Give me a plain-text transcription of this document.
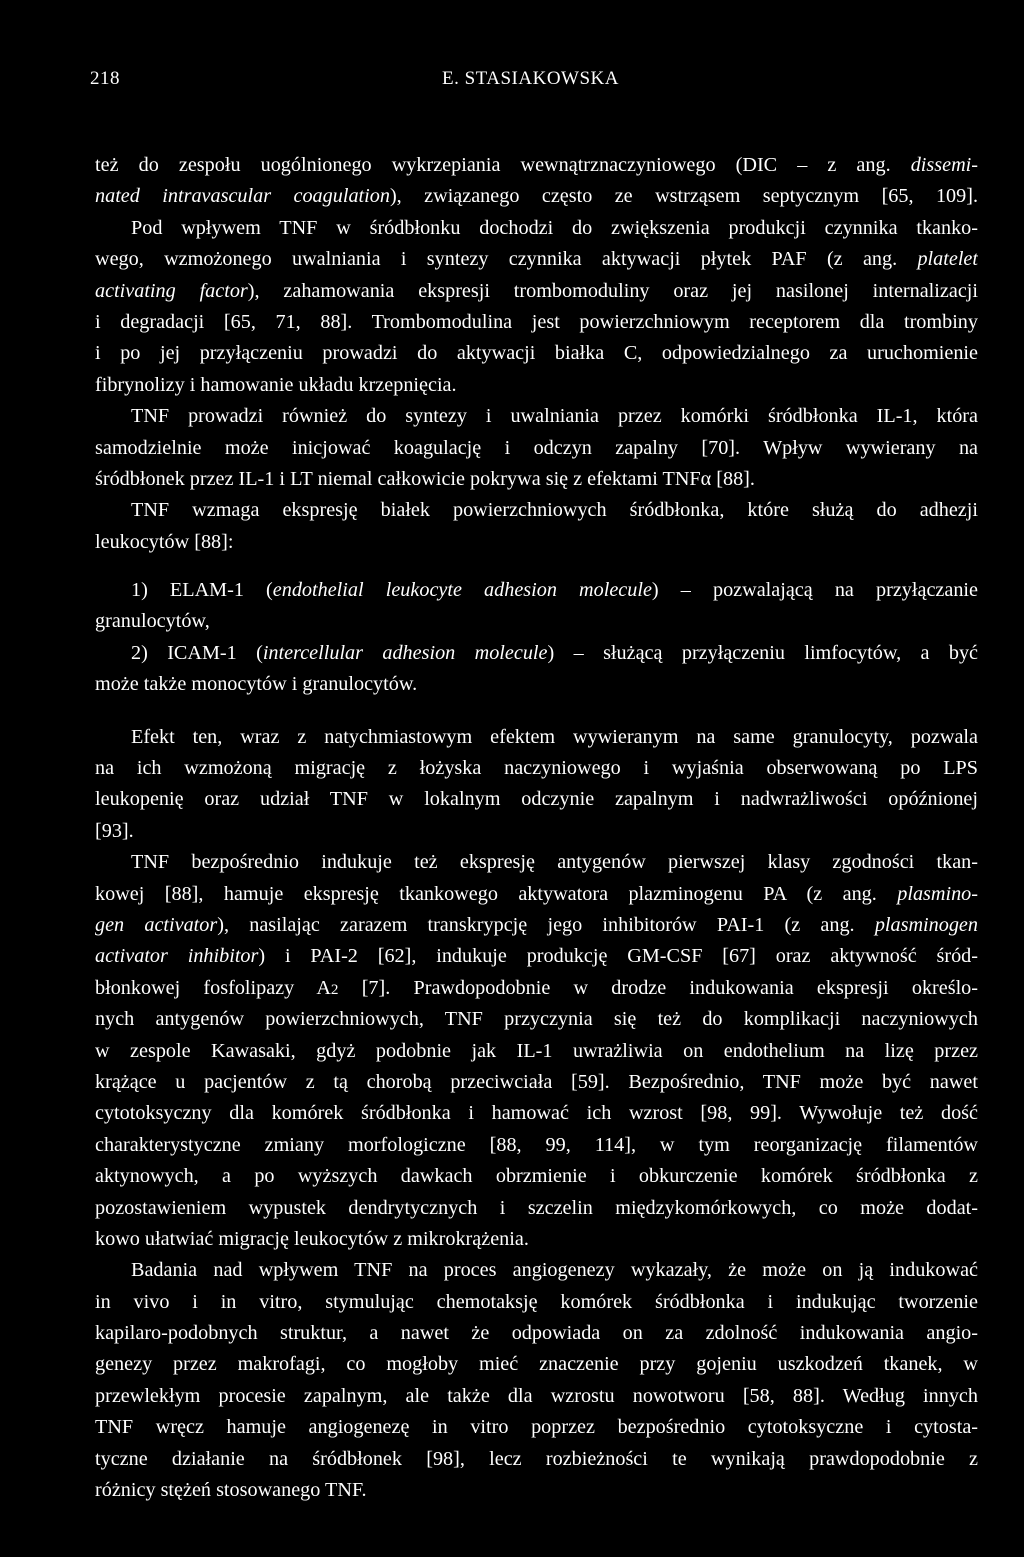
218	E. STASIAKOWSKA
też do zespołu uogólnionego wykrzepiania wewnątrznaczyniowego (DIC – z ang. dissemi-
nated intravascular coagulation), związanego często ze wstrząsem septycznym [65, 109].
Pod wpływem TNF w śródbłonku dochodzi do zwiększenia produkcji czynnika tkanko-
wego, wzmożonego uwalniania i syntezy czynnika aktywacji płytek PAF (z ang. platelet
activating factor), zahamowania ekspresji trombomoduliny oraz jej nasilonej internalizacji
i degradacji [65, 71, 88]. Trombomodulina jest powierzchniowym receptorem dla trombiny
i po jej przyłączeniu prowadzi do aktywacji białka C, odpowiedzialnego za uruchomienie
fibrynolizy i hamowanie układu krzepnięcia.
TNF prowadzi również do syntezy i uwalniania przez komórki śródbłonka IL-1, która
samodzielnie może inicjować koagulację i odczyn zapalny [70]. Wpływ wywierany na
śródbłonek przez IL-1 i LT niemal całkowicie pokrywa się z efektami TNFα [88].
TNF wzmaga ekspresję białek powierzchniowych śródbłonka, które służą do adhezji
leukocytów [88]:
1) ELAM-1 (endothelial leukocyte adhesion molecule) – pozwalającą na przyłączanie
granulocytów,
2) ICAM-1 (intercellular adhesion molecule) – służącą przyłączeniu limfocytów, a być
może także monocytów i granulocytów.
Efekt ten, wraz z natychmiastowym efektem wywieranym na same granulocyty, pozwala
na ich wzmożoną migrację z łożyska naczyniowego i wyjaśnia obserwowaną po LPS
leukopenię oraz udział TNF w lokalnym odczynie zapalnym i nadwrażliwości opóźnionej
[93].
TNF bezpośrednio indukuje też ekspresję antygenów pierwszej klasy zgodności tkan-
kowej [88], hamuje ekspresję tkankowego aktywatora plazminogenu PA (z ang. plasmino-
gen activator), nasilając zarazem transkrypcję jego inhibitorów PAI-1 (z ang. plasminogen
activator inhibitor) i PAI-2 [62], indukuje produkcję GM-CSF [67] oraz aktywność śród-
błonkowej fosfolipazy A2 [7]. Prawdopodobnie w drodze indukowania ekspresji określo-
nych antygenów powierzchniowych, TNF przyczynia się też do komplikacji naczyniowych
w zespole Kawasaki, gdyż podobnie jak IL-1 uwrażliwia on endothelium na lizę przez
krążące u pacjentów z tą chorobą przeciwciała [59]. Bezpośrednio, TNF może być nawet
cytotoksyczny dla komórek śródbłonka i hamować ich wzrost [98, 99]. Wywołuje też dość
charakterystyczne zmiany morfologiczne [88, 99, 114], w tym reorganizację filamentów
aktynowych, a po wyższych dawkach obrzmienie i obkurczenie komórek śródbłonka z
pozostawieniem wypustek dendrytycznych i szczelin międzykomórkowych, co może dodat-
kowo ułatwiać migrację leukocytów z mikrokrążenia.
Badania nad wpływem TNF na proces angiogenezy wykazały, że może on ją indukować
in vivo i in vitro, stymulując chemotaksję komórek śródbłonka i indukując tworzenie
kapilaro-podobnych struktur, a nawet że odpowiada on za zdolność indukowania angio-
genezy przez makrofagi, co mogłoby mieć znaczenie przy gojeniu uszkodzeń tkanek, w
przewlekłym procesie zapalnym, ale także dla wzrostu nowotworu [58, 88]. Według innych
TNF wręcz hamuje angiogenezę in vitro poprzez bezpośrednio cytotoksyczne i cytosta-
tyczne działanie na śródbłonek [98], lecz rozbieżności te wynikają prawdopodobnie z
różnicy stężeń stosowanego TNF.
